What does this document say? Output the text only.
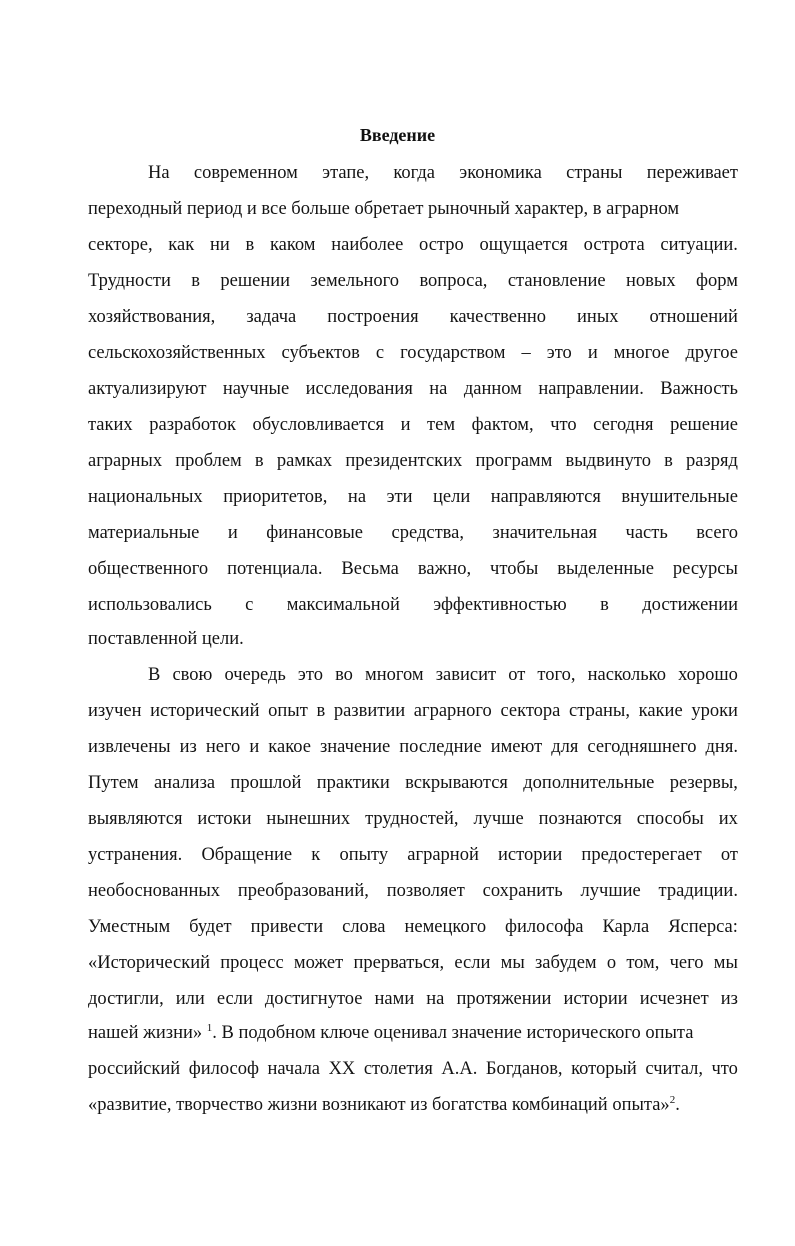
Введение
На современном этапе, когда экономика страны переживает
переходный период и все больше обретает рыночный характер, в аграрном
секторе, как ни в каком наиболее остро ощущается острота ситуации.
Трудности в решении земельного вопроса, становление новых форм
хозяйствования, задача построения качественно иных отношений
сельскохозяйственных субъектов с государством – это и многое другое
актуализируют научные исследования на данном направлении. Важность
таких разработок обусловливается и тем фактом, что сегодня решение
аграрных проблем в рамках президентских программ выдвинуто в разряд
национальных приоритетов, на эти цели направляются внушительные
материальные и финансовые средства, значительная часть всего
общественного потенциала. Весьма важно, чтобы выделенные ресурсы
использовались с максимальной эффективностью в достижении
поставленной цели.
В свою очередь это во многом зависит от того, насколько хорошо
изучен исторический опыт в развитии аграрного сектора страны, какие уроки
извлечены из него и какое значение последние имеют для сегодняшнего дня.
Путем анализа прошлой практики вскрываются дополнительные резервы,
выявляются истоки нынешних трудностей, лучше познаются способы их
устранения. Обращение к опыту аграрной истории предостерегает от
необоснованных преобразований, позволяет сохранить лучшие традиции.
Уместным будет привести слова немецкого философа Карла Ясперса:
«Исторический процесс может прерваться, если мы забудем о том, чего мы
достигли, или если достигнутое нами на протяжении истории исчезнет из
нашей жизни» $^1$. В подобном ключе оценивал значение исторического опыта
российский философ начала XX столетия А.А. Богданов, который считал, что
«развитие, творчество жизни возникают из богатства комбинаций опыта»$^2$.
